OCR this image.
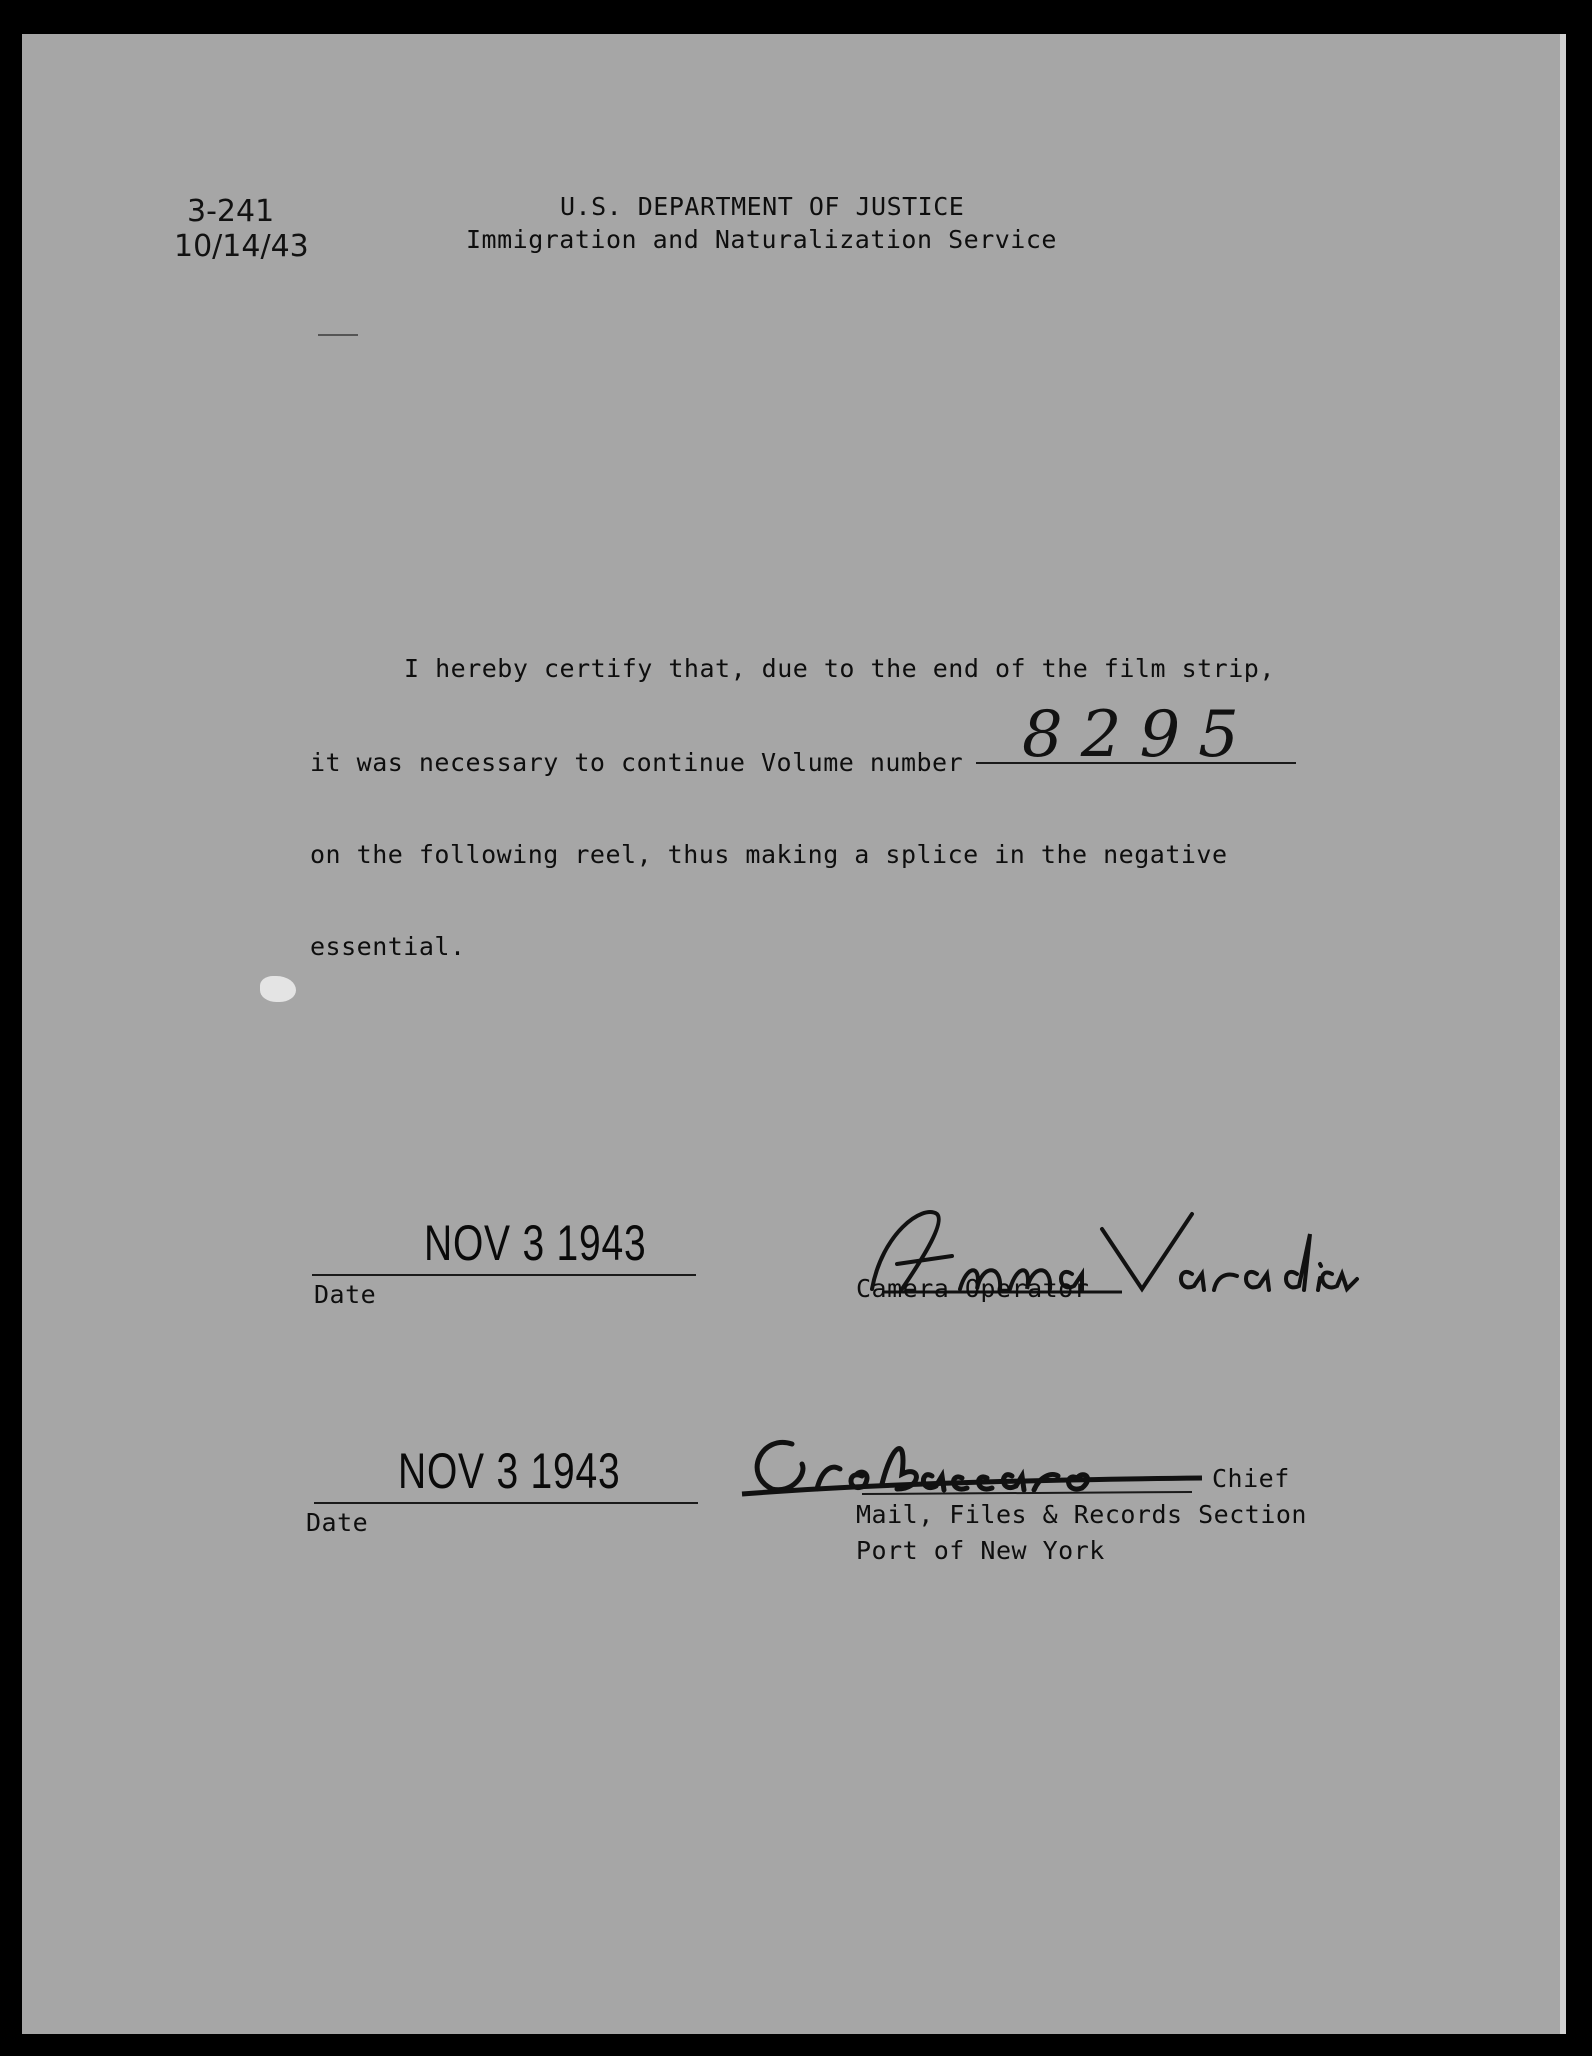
3-241
10/14/43
U.S. DEPARTMENT OF JUSTICE
Immigration and Naturalization Service
I hereby certify that, due to the end of the film strip,
it was necessary to continue Volume number 8295
on the following reel, thus making a splice in the negative
essential.
NOV 3 1943
Date	Camera Operator
NOV 3 1943
Date
Chief
Mail, Files & Records Section
Port of New York
